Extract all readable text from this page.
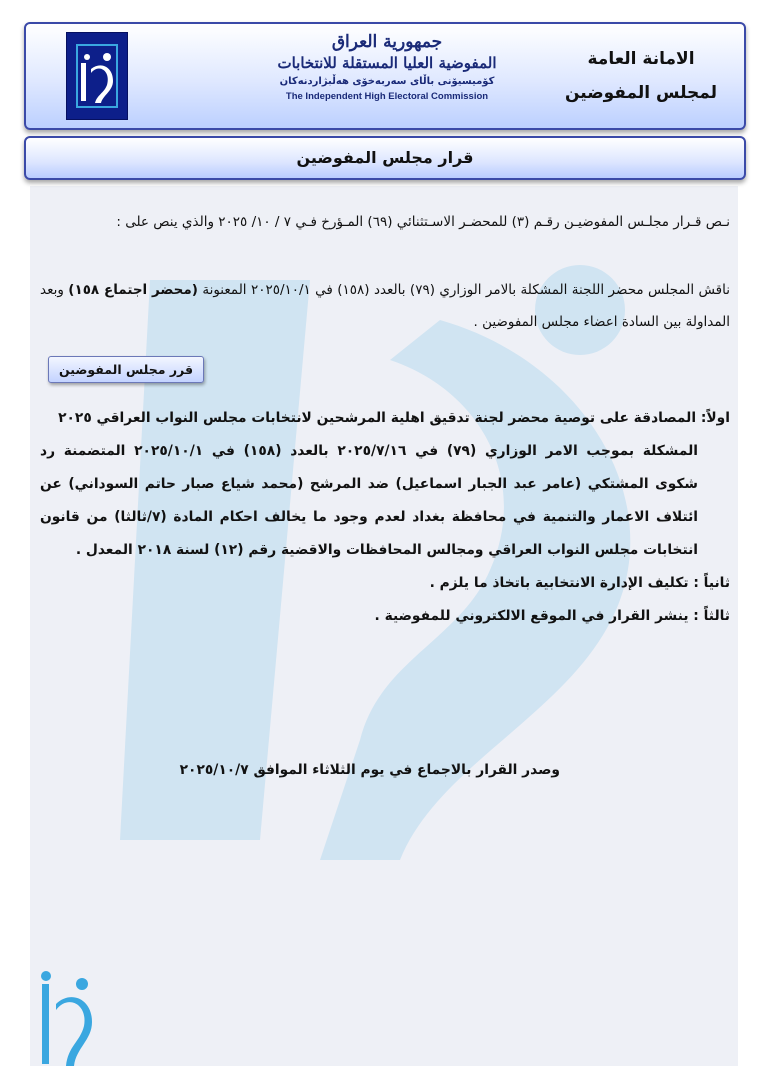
جمهورية العراق
المفوضية العليا المستقلة للانتخابات
كۆمیسیۆنی باڵای سەربەخۆی هەڵبژاردنەکان
The Independent High Electoral Commission
الامانة العامة
لمجلس المفوضين
قرار مجلس المفوضين

نـص قـرار مجلـس المفوضيـن رقـم (٣) للمحضـر الاسـتثنائي (٦٩) المـؤرخ فـي ٧ / ١٠/ ٢٠٢٥ والذي ينص على :

ناقش المجلس محضر اللجنة المشكلة بالامر الوزاري (٧٩) بالعدد (١٥٨) في ٢٠٢٥/١٠/١ المعنونة (محضر اجتماع ١٥٨) وبعد المداولة بين السادة اعضاء مجلس المفوضين .

قرر مجلس المفوضين

اولاً: المصادقة على توصية محضر لجنة تدقيق اهلية المرشحين لانتخابات مجلس النواب العراقي ٢٠٢٥
المشكلة بموجب الامر الوزاري (٧٩) في ٢٠٢٥/٧/١٦ بالعدد (١٥٨) في ٢٠٢٥/١٠/١ المتضمنة رد شكوى المشتكي (عامر عبد الجبار اسماعيل) ضد المرشح (محمد شياع صبار حاتم السوداني) عن ائتلاف الاعمار والتنمية في محافظة بغداد لعدم وجود ما يخالف احكام المادة (٧/ثالثا) من قانون انتخابات مجلس النواب العراقي ومجالس المحافظات والاقضية رقم (١٢) لسنة ٢٠١٨ المعدل .

ثانياً : تكليف الإدارة الانتخابية باتخاذ ما يلزم .

ثالثاً : ينشر القرار في الموقع الالكتروني للمفوضية .

وصدر القرار بالاجماع في يوم الثلاثاء الموافق ٢٠٢٥/١٠/٧
